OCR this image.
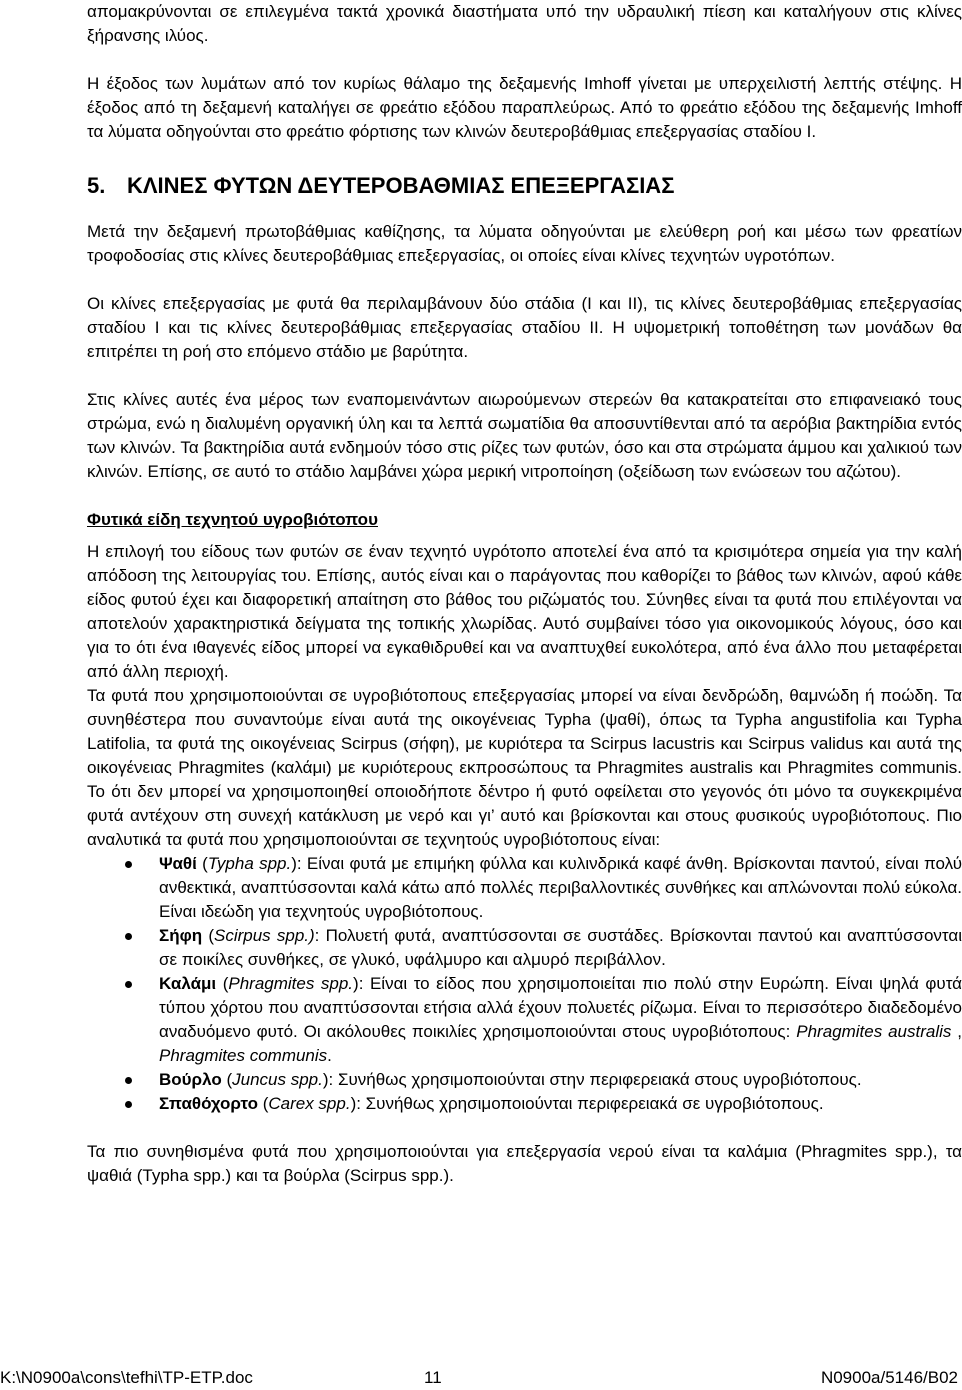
απομακρύνονται σε επιλεγμένα τακτά χρονικά διαστήματα υπό την υδραυλική πίεση και καταλήγουν στις κλίνες ξήρανσης ιλύος.

Η έξοδος των λυμάτων από τον κυρίως θάλαμο της δεξαμενής Imhoff γίνεται με υπερχειλιστή λεπτής στέψης. Η έξοδος από τη δεξαμενή καταλήγει σε φρεάτιο εξόδου παραπλεύρως. Από το φρεάτιο εξόδου της δεξαμενής Imhoff τα λύματα οδηγούνται στο φρεάτιο φόρτισης των κλινών δευτεροβάθμιας επεξεργασίας σταδίου Ι.

5. ΚΛΙΝΕΣ ΦΥΤΩΝ ΔΕΥΤΕΡΟΒΑΘΜΙΑΣ ΕΠΕΞΕΡΓΑΣΙΑΣ

Μετά την δεξαμενή πρωτοβάθμιας καθίζησης, τα λύματα οδηγούνται με ελεύθερη ροή και μέσω των φρεατίων τροφοδοσίας στις κλίνες δευτεροβάθμιας επεξεργασίας, οι οποίες είναι κλίνες τεχνητών υγροτόπων.

Οι κλίνες επεξεργασίας με φυτά θα περιλαμβάνουν δύο στάδια (Ι και ΙΙ), τις κλίνες δευτεροβάθμιας επεξεργασίας σταδίου Ι και τις κλίνες δευτεροβάθμιας επεξεργασίας σταδίου ΙΙ. Η υψομετρική τοποθέτηση των μονάδων θα επιτρέπει τη ροή στο επόμενο στάδιο με βαρύτητα.

Στις κλίνες αυτές ένα μέρος των εναπομεινάντων αιωρούμενων στερεών θα κατακρατείται στο επιφανειακό τους στρώμα, ενώ η διαλυμένη οργανική ύλη και τα λεπτά σωματίδια θα αποσυντίθενται από τα αερόβια βακτηρίδια εντός των κλινών. Τα βακτηρίδια αυτά ενδημούν τόσο στις ρίζες των φυτών, όσο και στα στρώματα άμμου και χαλικιού των κλινών. Επίσης, σε αυτό το στάδιο λαμβάνει χώρα μερική νιτροποίηση (οξείδωση των ενώσεων του αζώτου).

Φυτικά είδη τεχνητού υγροβιότοπου

Η επιλογή του είδους των φυτών σε έναν τεχνητό υγρότοπο αποτελεί ένα από τα κρισιμότερα σημεία για την καλή απόδοση της λειτουργίας του. Επίσης, αυτός είναι και ο παράγοντας που καθορίζει το βάθος των κλινών, αφού κάθε είδος φυτού έχει και διαφορετική απαίτηση στο βάθος του ριζώματός του. Σύνηθες είναι τα φυτά που επιλέγονται να αποτελούν χαρακτηριστικά δείγματα της τοπικής χλωρίδας. Αυτό συμβαίνει τόσο για οικονομικούς λόγους, όσο και για το ότι ένα ιθαγενές είδος μπορεί να εγκαθιδρυθεί και να αναπτυχθεί ευκολότερα, από ένα άλλο που μεταφέρεται από άλλη περιοχή.

Τα φυτά που χρησιμοποιούνται σε υγροβιότοπους επεξεργασίας μπορεί να είναι δενδρώδη, θαμνώδη ή ποώδη. Τα συνηθέστερα που συναντούμε είναι αυτά της οικογένειας Typha (ψαθί), όπως τα Typha angustifolia και Typha Latifolia, τα φυτά της οικογένειας Scirpus (σήφη), με κυριότερα τα Scirpus lacustris και Scirpus validus και αυτά της οικογένειας Phragmites (καλάμι) με κυριότερους εκπροσώπους τα Phragmites australis και Phragmites communis. Το ότι δεν μπορεί να χρησιμοποιηθεί οποιοδήποτε δέντρο ή φυτό οφείλεται στο γεγονός ότι μόνο τα συγκεκριμένα φυτά αντέχουν στη συνεχή κατάκλυση με νερό και γι’ αυτό και βρίσκονται και στους φυσικούς υγροβιότοπους. Πιο αναλυτικά τα φυτά που χρησιμοποιούνται σε τεχνητούς υγροβιότοπους είναι:

Ψαθί (Typha spp.): Είναι φυτά με επιμήκη φύλλα και κυλινδρικά καφέ άνθη. Βρίσκονται παντού, είναι πολύ ανθεκτικά, αναπτύσσονται καλά κάτω από πολλές περιβαλλοντικές συνθήκες και απλώνονται πολύ εύκολα. Είναι ιδεώδη για τεχνητούς υγροβιότοπους.
Σήφη (Scirpus spp.): Πολυετή φυτά, αναπτύσσονται σε συστάδες. Βρίσκονται παντού και αναπτύσσονται σε ποικίλες συνθήκες, σε γλυκό, υφάλμυρο και αλμυρό περιβάλλον.
Καλάμι (Phragmites spp.): Είναι το είδος που χρησιμοποιείται πιο πολύ στην Ευρώπη. Είναι ψηλά φυτά τύπου χόρτου που αναπτύσσονται ετήσια αλλά έχουν πολυετές ρίζωμα. Είναι το περισσότερο διαδεδομένο αναδυόμενο φυτό. Οι ακόλουθες ποικιλίες χρησιμοποιούνται στους υγροβιότοπους: Phragmites australis , Phragmites communis.
Βούρλο (Juncus spp.): Συνήθως χρησιμοποιούνται στην περιφερειακά στους υγροβιότοπους.
Σπαθόχορτο (Carex spp.): Συνήθως χρησιμοποιούνται περιφερειακά σε υγροβιότοπους.

Τα πιο συνηθισμένα φυτά που χρησιμοποιούνται για επεξεργασία νερού είναι τα καλάμια (Phragmites spp.), τα ψαθιά (Typha spp.) και τα βούρλα (Scirpus spp.).

K:\N0900a\cons\tefhi\TP-ETP.doc	11	N0900a/5146/B02
